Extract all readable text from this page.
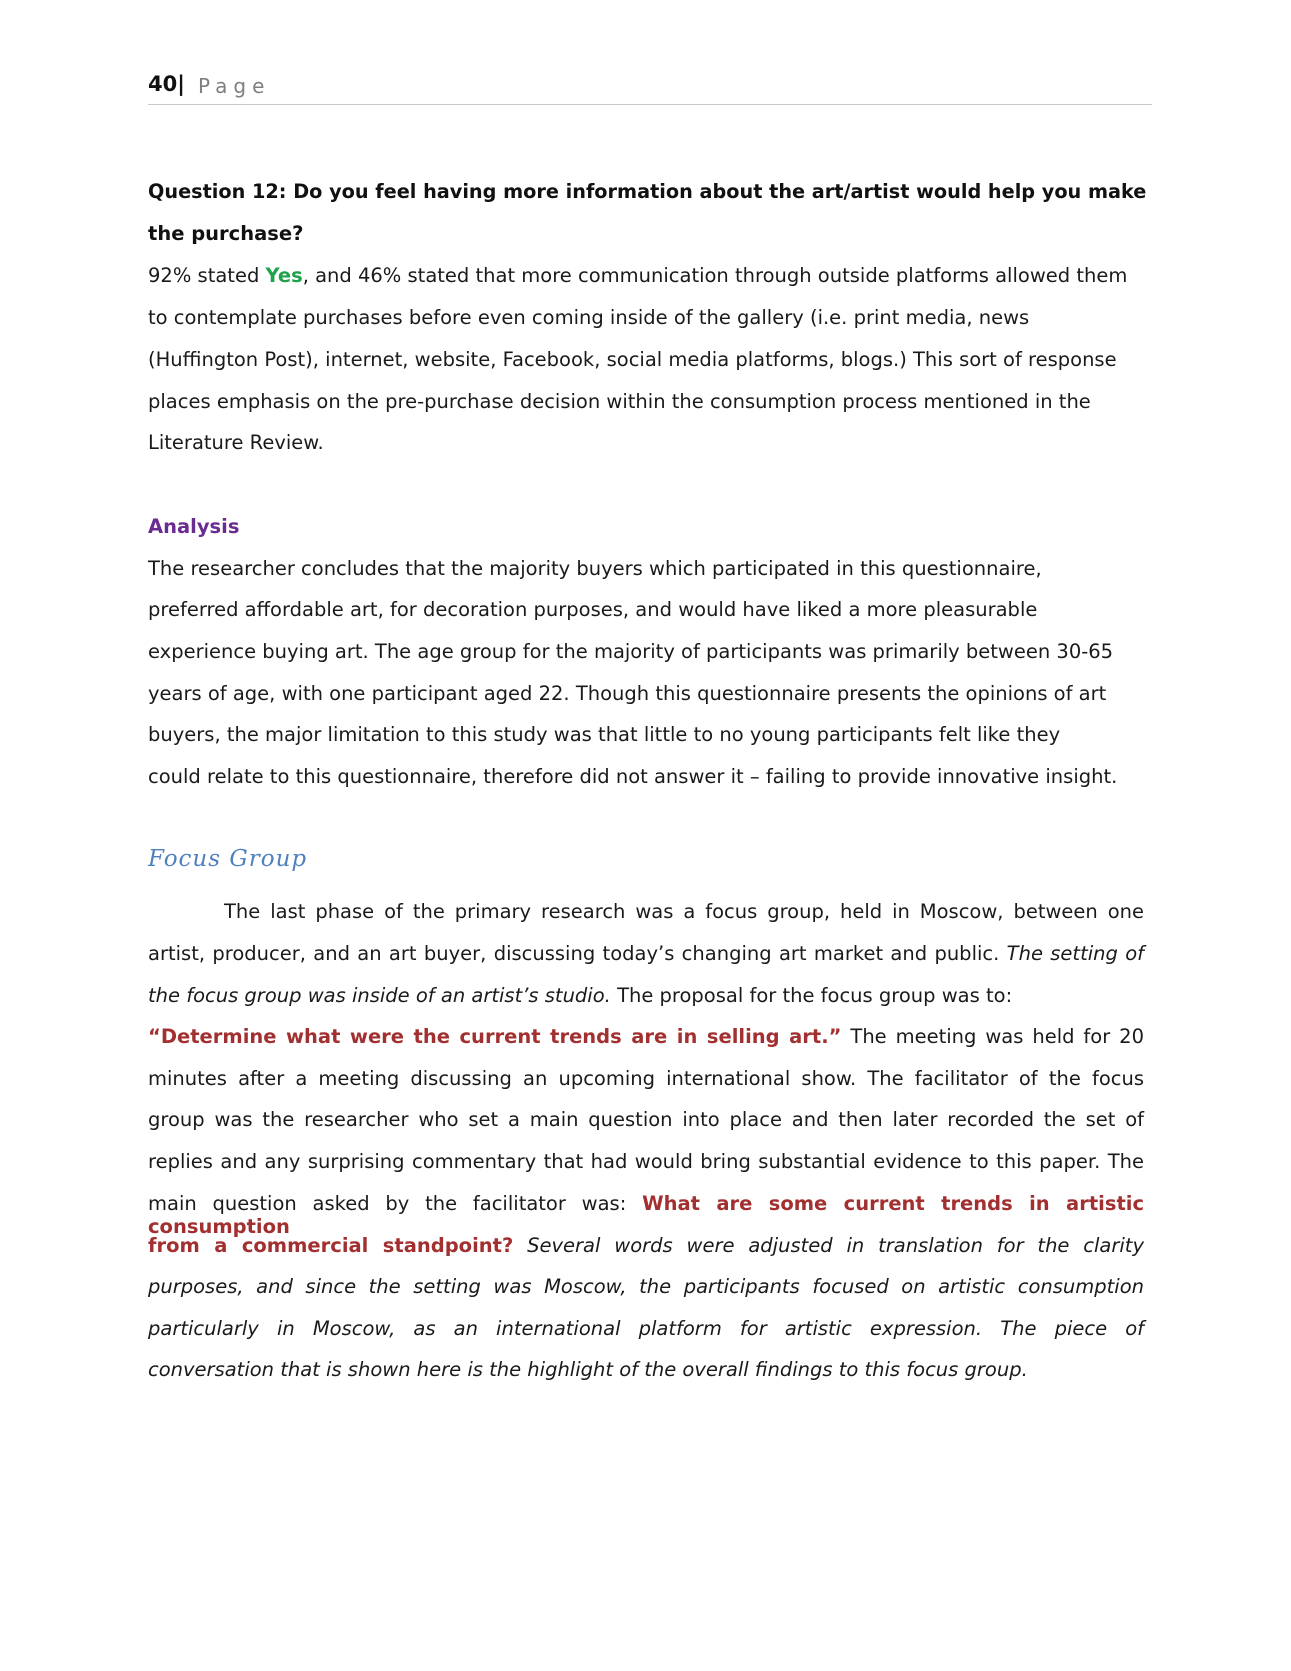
40| Page
Question 12: Do you feel having more information about the art/artist would help you make
the purchase?
92% stated Yes, and 46% stated that more communication through outside platforms allowed them
to contemplate purchases before even coming inside of the gallery (i.e. print media, news
(Huffington Post), internet, website, Facebook, social media platforms, blogs.) This sort of response
places emphasis on the pre-purchase decision within the consumption process mentioned in the
Literature Review.
Analysis
The researcher concludes that the majority buyers which participated in this questionnaire,
preferred affordable art, for decoration purposes, and would have liked a more pleasurable
experience buying art. The age group for the majority of participants was primarily between 30-65
years of age, with one participant aged 22. Though this questionnaire presents the opinions of art
buyers, the major limitation to this study was that little to no young participants felt like they
could relate to this questionnaire, therefore did not answer it – failing to provide innovative insight.
Focus Group
The last phase of the primary research was a focus group, held in Moscow, between one
artist, producer, and an art buyer, discussing today’s changing art market and public. The setting of
the focus group was inside of an artist’s studio. The proposal for the focus group was to:
“Determine what were the current trends are in selling art.” The meeting was held for 20
minutes after a meeting discussing an upcoming international show. The facilitator of the focus
group was the researcher who set a main question into place and then later recorded the set of
replies and any surprising commentary that had would bring substantial evidence to this paper. The
main question asked by the facilitator was: What are some current trends in artistic consumption
from a commercial standpoint? Several words were adjusted in translation for the clarity
purposes, and since the setting was Moscow, the participants focused on artistic consumption
particularly in Moscow, as an international platform for artistic expression. The piece of
conversation that is shown here is the highlight of the overall findings to this focus group.
